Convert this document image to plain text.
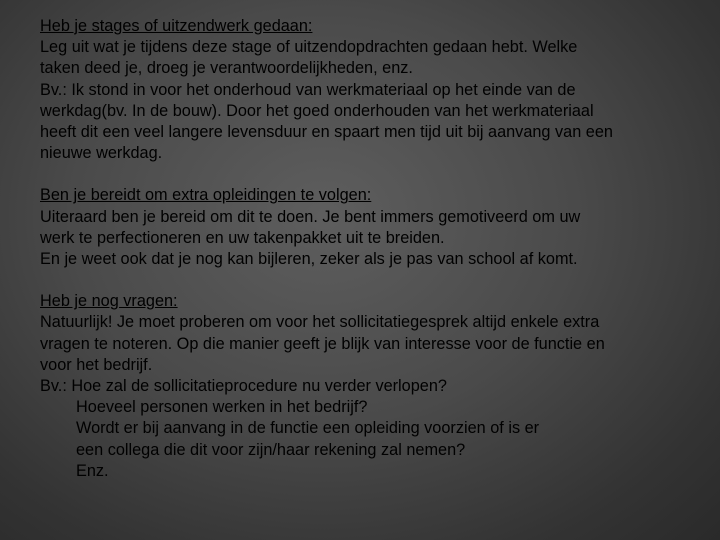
Heb je stages of uitzendwerk gedaan:
Leg uit wat je tijdens deze stage of uitzendopdrachten gedaan hebt. Welke
taken deed je, droeg je verantwoordelijkheden, enz.
Bv.: Ik stond in voor het onderhoud van werkmateriaal op het einde van de
werkdag(bv. In de bouw). Door het goed onderhouden van het werkmateriaal
heeft dit een veel langere levensduur en spaart men tijd uit bij aanvang van een
nieuwe werkdag.
Ben je bereidt om extra opleidingen te volgen:
Uiteraard ben je bereid om dit te doen. Je bent immers gemotiveerd om uw
werk te perfectioneren en uw takenpakket uit te breiden.
En je weet ook dat je nog kan bijleren, zeker als je pas van school af komt.
Heb je nog vragen:
Natuurlijk! Je moet proberen om voor het sollicitatiegesprek altijd enkele extra
vragen te noteren. Op die manier geeft je blijk van interesse voor de functie en
voor het bedrijf.
Bv.: Hoe zal de sollicitatieprocedure nu verder verlopen?
Hoeveel personen werken in het bedrijf?
Wordt er bij aanvang in de functie een opleiding voorzien of is er
een collega die dit voor zijn/haar rekening zal nemen?
Enz.
